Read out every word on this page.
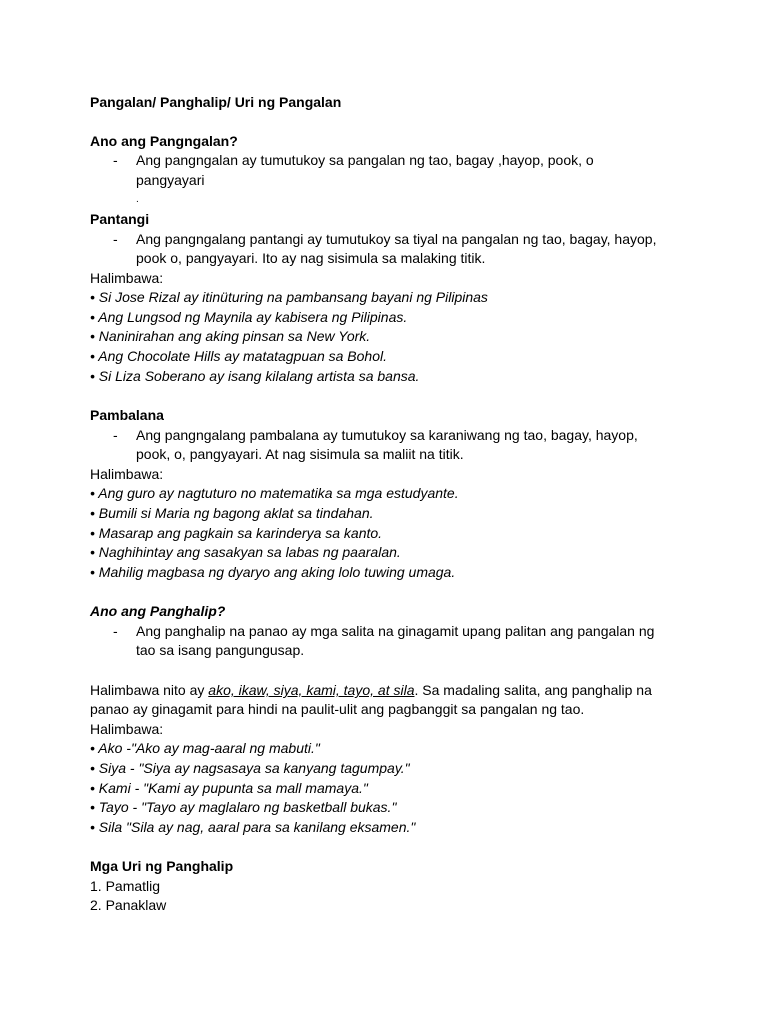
Pangalan/ Panghalip/ Uri ng Pangalan
Ano ang Pangngalan?
- Ang pangngalan ay tumutukoy sa pangalan ng tao, bagay ,hayop, pook, o
pangyayari
.
Pantangi
- Ang pangngalang pantangi ay tumutukoy sa tiyal na pangalan ng tao, bagay, hayop,
pook o, pangyayari. Ito ay nag sisimula sa malaking titik.
Halimbawa:
• Si Jose Rizal ay itinüturing na pambansang bayani ng Pilipinas
• Ang Lungsod ng Maynila ay kabisera ng Pilipinas.
• Naninirahan ang aking pinsan sa New York.
• Ang Chocolate Hills ay matatagpuan sa Bohol.
• Si Liza Soberano ay isang kilalang artista sa bansa.
Pambalana
- Ang pangngalang pambalana ay tumutukoy sa karaniwang ng tao, bagay, hayop,
pook, o, pangyayari. At nag sisimula sa maliit na titik.
Halimbawa:
• Ang guro ay nagtuturo no matematika sa mga estudyante.
• Bumili si Maria ng bagong aklat sa tindahan.
• Masarap ang pagkain sa karinderya sa kanto.
• Naghihintay ang sasakyan sa labas ng paaralan.
• Mahilig magbasa ng dyaryo ang aking lolo tuwing umaga.
Ano ang Panghalip?
- Ang panghalip na panao ay mga salita na ginagamit upang palitan ang pangalan ng
tao sa isang pangungusap.
Halimbawa nito ay ako, ikaw, siya, kami, tayo, at sila. Sa madaling salita, ang panghalip na
panao ay ginagamit para hindi na paulit-ulit ang pagbanggit sa pangalan ng tao.
Halimbawa:
• Ako -"Ako ay mag-aaral ng mabuti."
• Siya - "Siya ay nagsasaya sa kanyang tagumpay."
• Kami - "Kami ay pupunta sa mall mamaya."
• Tayo - "Tayo ay maglalaro ng basketball bukas."
• Sila "Sila ay nag, aaral para sa kanilang eksamen."
Mga Uri ng Panghalip
1. Pamatlig
2. Panaklaw
